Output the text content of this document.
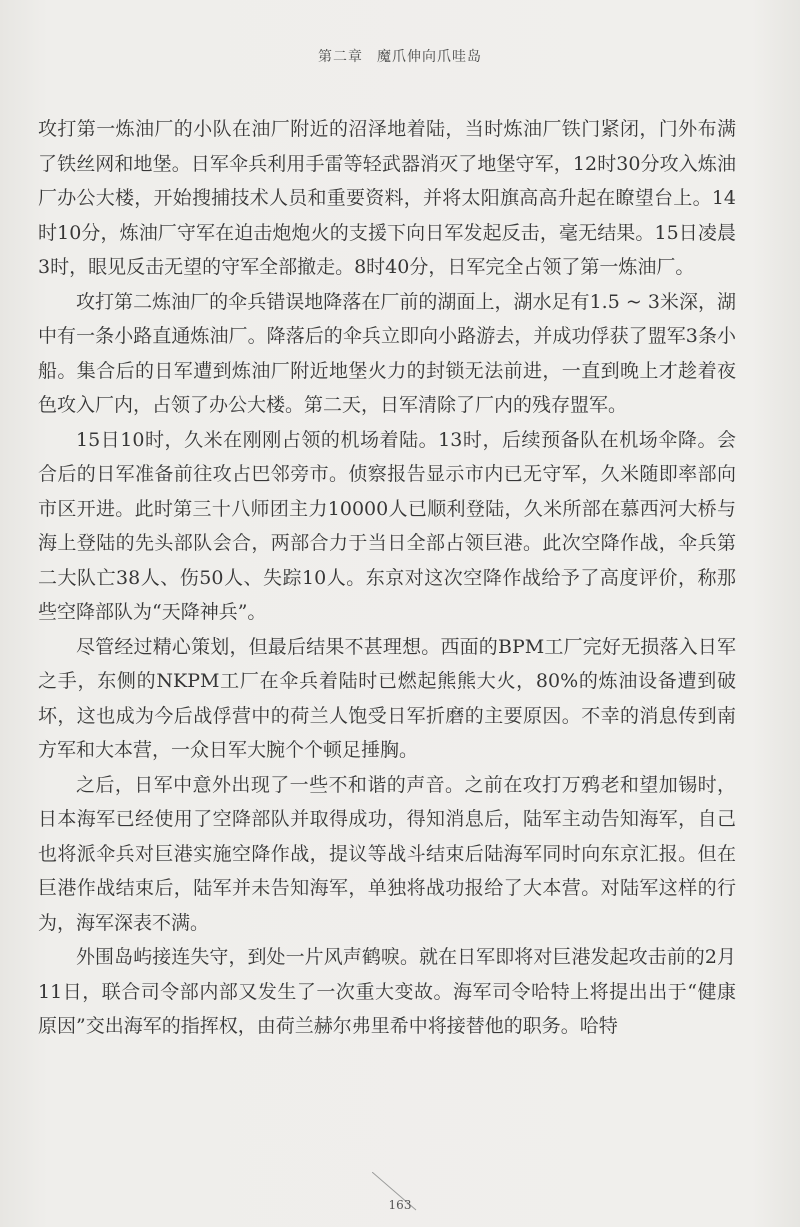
第二章 魔爪伸向爪哇岛

攻打第一炼油厂的小队在油厂附近的沼泽地着陆，当时炼油厂铁门紧闭，门外布满了铁丝网和地堡。日军伞兵利用手雷等轻武器消灭了地堡守军，12时30分攻入炼油厂办公大楼，开始搜捕技术人员和重要资料，并将太阳旗高高升起在瞭望台上。14时10分，炼油厂守军在迫击炮炮火的支援下向日军发起反击，毫无结果。15日凌晨3时，眼见反击无望的守军全部撤走。8时40分，日军完全占领了第一炼油厂。

攻打第二炼油厂的伞兵错误地降落在厂前的湖面上，湖水足有1.5 ~ 3米深，湖中有一条小路直通炼油厂。降落后的伞兵立即向小路游去，并成功俘获了盟军3条小船。集合后的日军遭到炼油厂附近地堡火力的封锁无法前进，一直到晚上才趁着夜色攻入厂内，占领了办公大楼。第二天，日军清除了厂内的残存盟军。

15日10时，久米在刚刚占领的机场着陆。13时，后续预备队在机场伞降。会合后的日军准备前往攻占巴邻旁市。侦察报告显示市内已无守军，久米随即率部向市区开进。此时第三十八师团主力10000人已顺利登陆，久米所部在慕西河大桥与海上登陆的先头部队会合，两部合力于当日全部占领巨港。此次空降作战，伞兵第二大队亡38人、伤50人、失踪10人。东京对这次空降作战给予了高度评价，称那些空降部队为“天降神兵”。

尽管经过精心策划，但最后结果不甚理想。西面的BPM工厂完好无损落入日军之手，东侧的NKPM工厂在伞兵着陆时已燃起熊熊大火，80%的炼油设备遭到破坏，这也成为今后战俘营中的荷兰人饱受日军折磨的主要原因。不幸的消息传到南方军和大本营，一众日军大腕个个顿足捶胸。

之后，日军中意外出现了一些不和谐的声音。之前在攻打万鸦老和望加锡时，日本海军已经使用了空降部队并取得成功，得知消息后，陆军主动告知海军，自己也将派伞兵对巨港实施空降作战，提议等战斗结束后陆海军同时向东京汇报。但在巨港作战结束后，陆军并未告知海军，单独将战功报给了大本营。对陆军这样的行为，海军深表不满。

外围岛屿接连失守，到处一片风声鹤唳。就在日军即将对巨港发起攻击前的2月11日，联合司令部内部又发生了一次重大变故。海军司令哈特上将提出出于“健康原因”交出海军的指挥权，由荷兰赫尔弗里希中将接替他的职务。哈特

163
